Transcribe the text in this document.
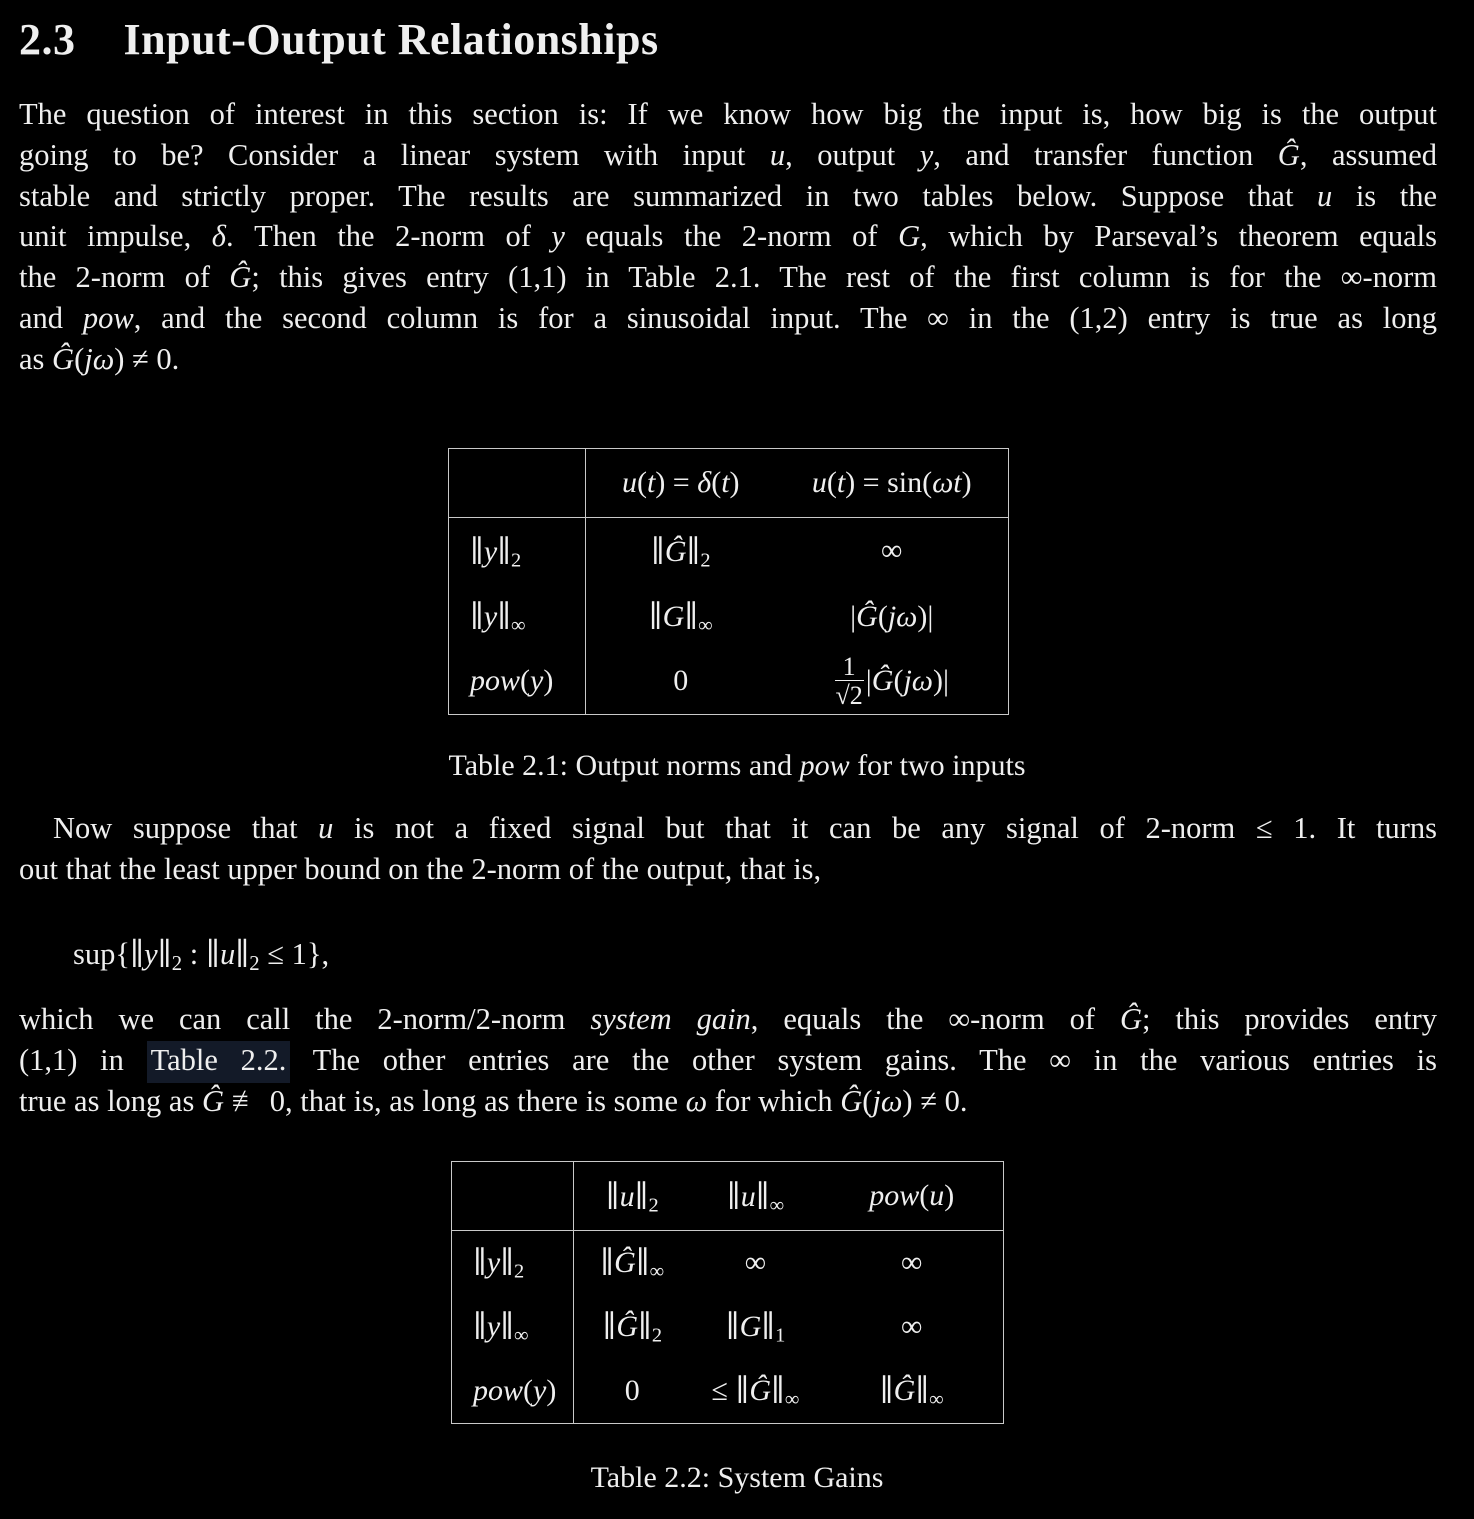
2.3 Input-Output Relationships
The question of interest in this section is: If we know how big the input is, how big is the output
going to be? Consider a linear system with input u, output y, and transfer function Ĝ, assumed
stable and strictly proper. The results are summarized in two tables below. Suppose that u is the
unit impulse, δ. Then the 2-norm of y equals the 2-norm of G, which by Parseval’s theorem equals
the 2-norm of Ĝ; this gives entry (1,1) in Table 2.1. The rest of the first column is for the ∞-norm
and pow, and the second column is for a sinusoidal input. The ∞ in the (1,2) entry is true as long
as Ĝ(jω) ≠ 0.
	u(t) = δ(t)	u(t) = sin(ωt)
$\parallel y\parallel_2$	$\parallel Ĝ\parallel_2$	∞
$\parallel y\parallel_\infty$	$\parallel G\parallel_\infty$	|Ĝ(jω)|
pow(y)	0	$\frac{1}{√2}$ |Ĝ(jω)|
Table 2.1: Output norms and pow for two inputs
Now suppose that u is not a fixed signal but that it can be any signal of 2-norm ≤ 1. It turns
out that the least upper bound on the 2-norm of the output, that is,
$sup\{\parallel y\parallel_2$ : $\parallel u\parallel_2 \le 1$},
which we can call the 2-norm/2-norm system gain, equals the ∞-norm of Ĝ; this provides entry
(1,1) in Table 2.2. The other entries are the other system gains. The ∞ in the various entries is
true as long as Ĝ ≢ 0, that is, as long as there is some ω for which Ĝ(jω) ≠ 0.
	$\parallel u\parallel_2$	$\parallel u\parallel_\infty$	pow(u)
$\parallel y\parallel_2$	$\parallel Ĝ\parallel_\infty$	∞	∞
$\parallel y\parallel_\infty$	$\parallel Ĝ\parallel_2$	$\parallel G\parallel_1$	∞
pow(y)	0	≤ $\parallel Ĝ\parallel_\infty$	$\parallel Ĝ\parallel_\infty$
Table 2.2: System Gains
